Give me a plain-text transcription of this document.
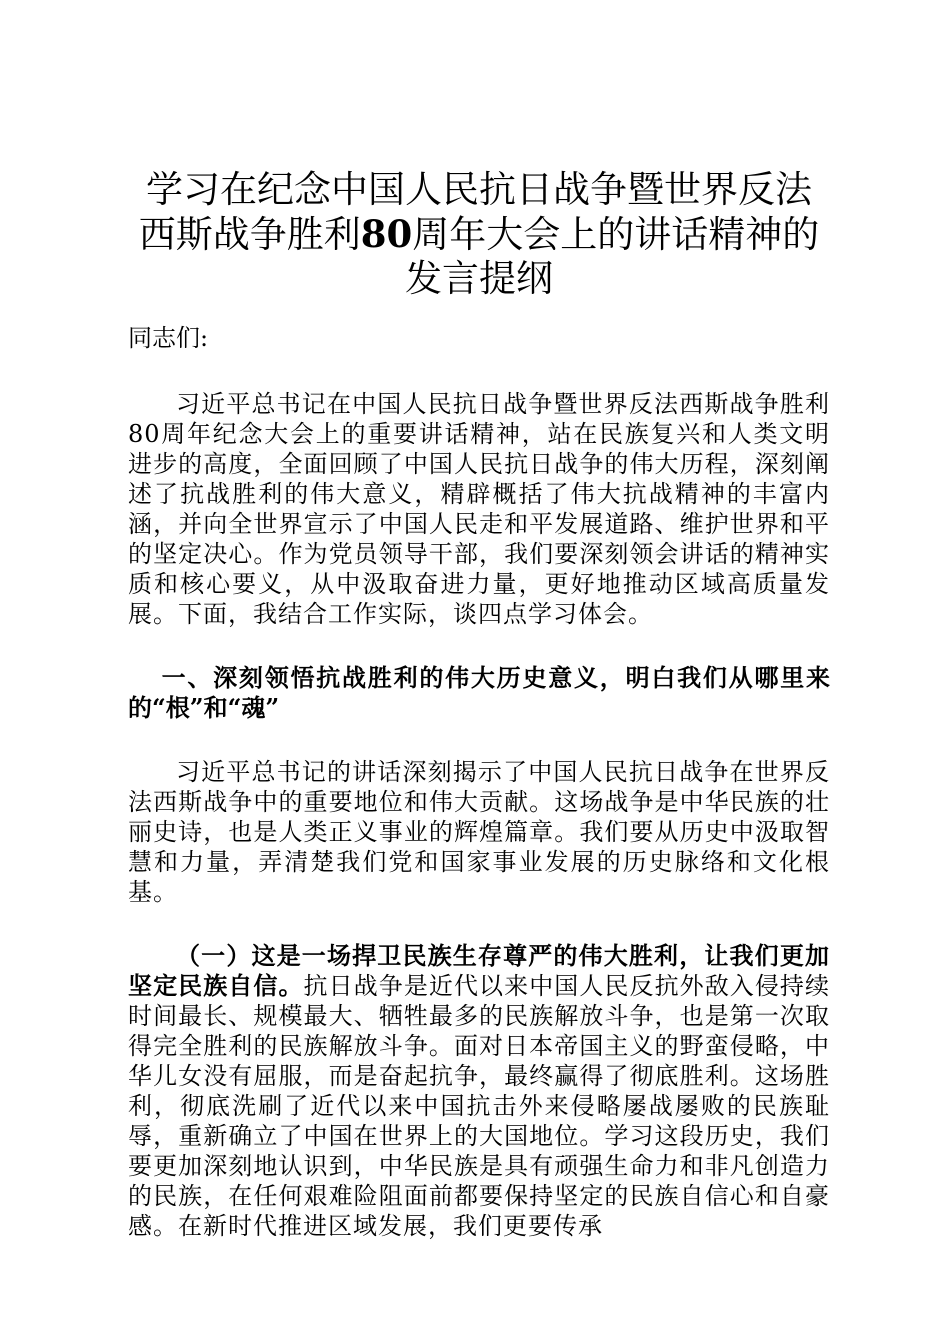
学习在纪念中国人民抗日战争暨世界反法西斯战争胜利80周年大会上的讲话精神的发言提纲

同志们:

习近平总书记在中国人民抗日战争暨世界反法西斯战争胜利80周年纪念大会上的重要讲话精神，站在民族复兴和人类文明进步的高度，全面回顾了中国人民抗日战争的伟大历程，深刻阐述了抗战胜利的伟大意义，精辟概括了伟大抗战精神的丰富内涵，并向全世界宣示了中国人民走和平发展道路、维护世界和平的坚定决心。作为党员领导干部，我们要深刻领会讲话的精神实质和核心要义，从中汲取奋进力量，更好地推动区域高质量发展。下面，我结合工作实际，谈四点学习体会。

一、深刻领悟抗战胜利的伟大历史意义，明白我们从哪里来的“根”和“魂”

习近平总书记的讲话深刻揭示了中国人民抗日战争在世界反法西斯战争中的重要地位和伟大贡献。这场战争是中华民族的壮丽史诗，也是人类正义事业的辉煌篇章。我们要从历史中汲取智慧和力量，弄清楚我们党和国家事业发展的历史脉络和文化根基。

（一）这是一场捍卫民族生存尊严的伟大胜利，让我们更加坚定民族自信。抗日战争是近代以来中国人民反抗外敌入侵持续时间最长、规模最大、牺牲最多的民族解放斗争，也是第一次取得完全胜利的民族解放斗争。面对日本帝国主义的野蛮侵略，中华儿女没有屈服，而是奋起抗争，最终赢得了彻底胜利。这场胜利，彻底洗刷了近代以来中国抗击外来侵略屡战屡败的民族耻辱，重新确立了中国在世界上的大国地位。学习这段历史，我们要更加深刻地认识到，中华民族是具有顽强生命力和非凡创造力的民族，在任何艰难险阻面前都要保持坚定的民族自信心和自豪感。在新时代推进区域发展，我们更要传承
